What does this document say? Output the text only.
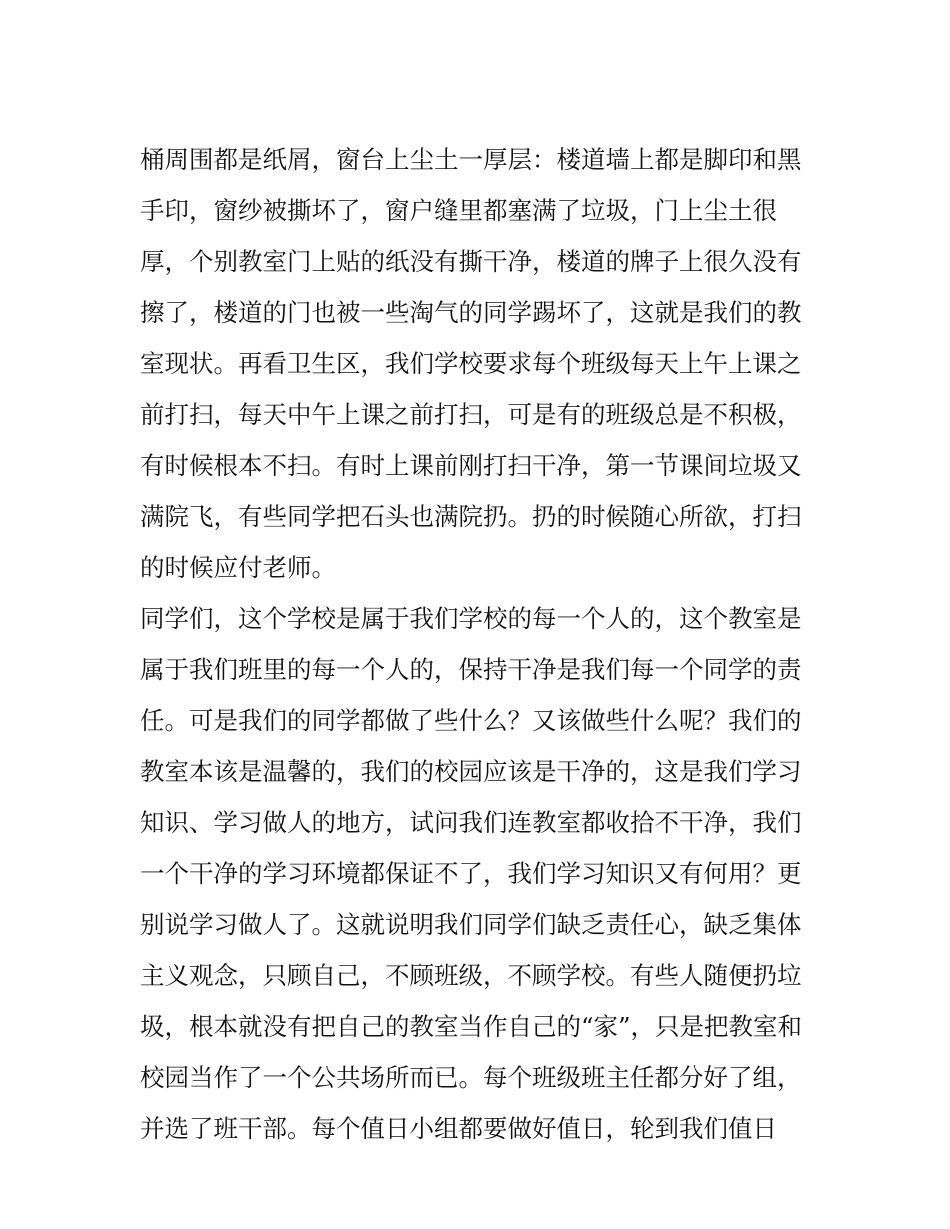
桶周围都是纸屑，窗台上尘土一厚层：楼道墙上都是脚印和黑
手印，窗纱被撕坏了，窗户缝里都塞满了垃圾，门上尘土很
厚，个别教室门上贴的纸没有撕干净，楼道的牌子上很久没有
擦了，楼道的门也被一些淘气的同学踢坏了，这就是我们的教
室现状。再看卫生区，我们学校要求每个班级每天上午上课之
前打扫，每天中午上课之前打扫，可是有的班级总是不积极，
有时候根本不扫。有时上课前刚打扫干净，第一节课间垃圾又
满院飞，有些同学把石头也满院扔。扔的时候随心所欲，打扫
的时候应付老师。
同学们，这个学校是属于我们学校的每一个人的，这个教室是
属于我们班里的每一个人的，保持干净是我们每一个同学的责
任。可是我们的同学都做了些什么？又该做些什么呢？我们的
教室本该是温馨的，我们的校园应该是干净的，这是我们学习
知识、学习做人的地方，试问我们连教室都收拾不干净，我们
一个干净的学习环境都保证不了，我们学习知识又有何用？更
别说学习做人了。这就说明我们同学们缺乏责任心，缺乏集体
主义观念，只顾自己，不顾班级，不顾学校。有些人随便扔垃
圾，根本就没有把自己的教室当作自己的“家”，只是把教室和
校园当作了一个公共场所而已。每个班级班主任都分好了组，
并选了班干部。每个值日小组都要做好值日，轮到我们值日
